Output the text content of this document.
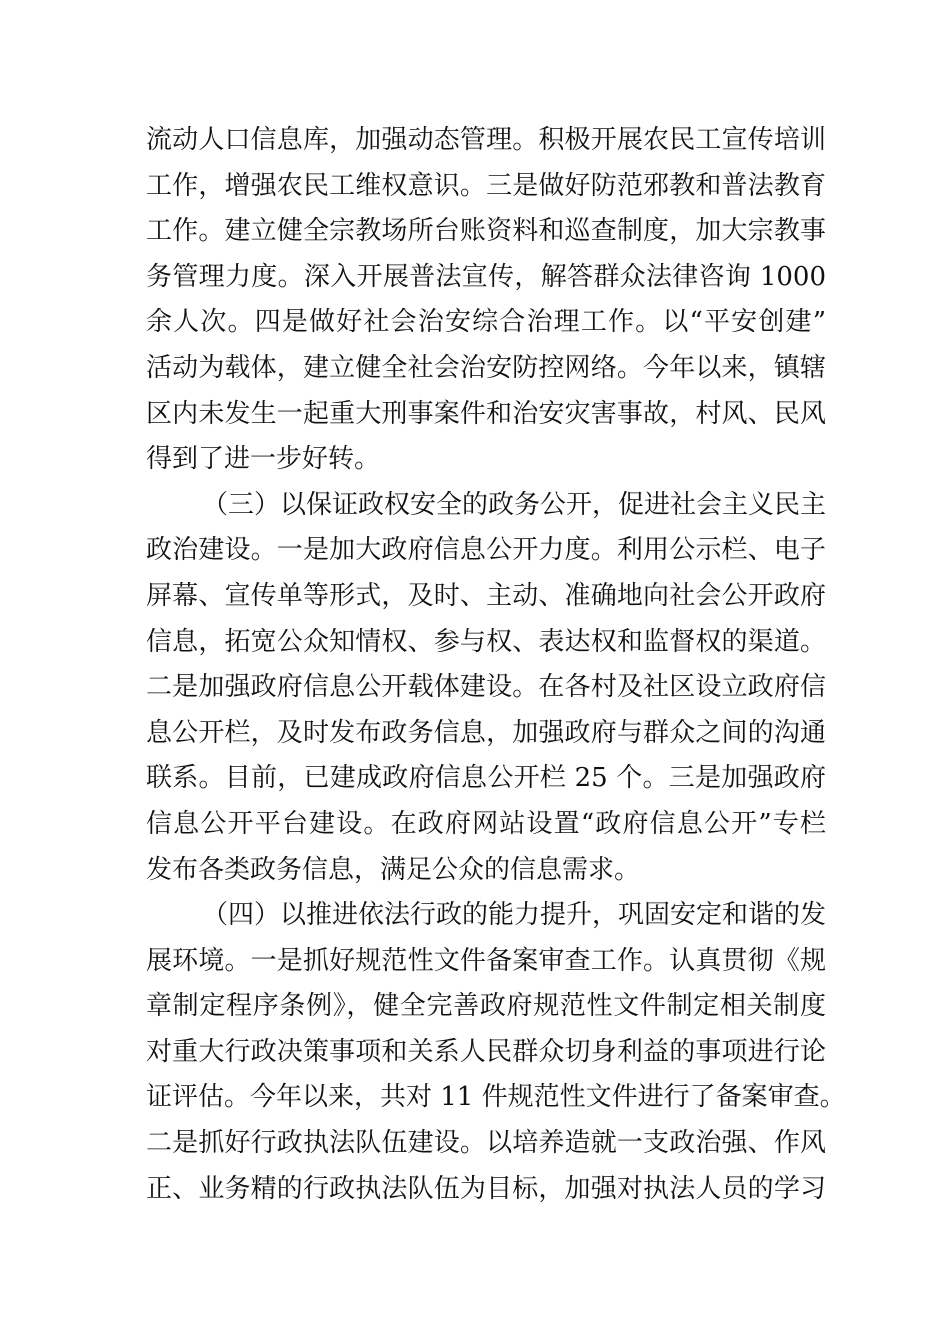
流动人口信息库，加强动态管理。积极开展农民工宣传培训
工作，增强农民工维权意识。三是做好防范邪教和普法教育
工作。建立健全宗教场所台账资料和巡查制度，加大宗教事
务管理力度。深入开展普法宣传，解答群众法律咨询 1000
余人次。四是做好社会治安综合治理工作。以“平安创建”
活动为载体，建立健全社会治安防控网络。今年以来，镇辖
区内未发生一起重大刑事案件和治安灾害事故，村风、民风
得到了进一步好转。
（三）以保证政权安全的政务公开，促进社会主义民主
政治建设。一是加大政府信息公开力度。利用公示栏、电子
屏幕、宣传单等形式，及时、主动、准确地向社会公开政府
信息，拓宽公众知情权、参与权、表达权和监督权的渠道。
二是加强政府信息公开载体建设。在各村及社区设立政府信
息公开栏，及时发布政务信息，加强政府与群众之间的沟通
联系。目前，已建成政府信息公开栏 25 个。三是加强政府
信息公开平台建设。在政府网站设置“政府信息公开”专栏
发布各类政务信息，满足公众的信息需求。
（四）以推进依法行政的能力提升，巩固安定和谐的发
展环境。一是抓好规范性文件备案审查工作。认真贯彻《规
章制定程序条例》，健全完善政府规范性文件制定相关制度
对重大行政决策事项和关系人民群众切身利益的事项进行论
证评估。今年以来，共对 11 件规范性文件进行了备案审查。
二是抓好行政执法队伍建设。以培养造就一支政治强、作风
正、业务精的行政执法队伍为目标，加强对执法人员的学习
